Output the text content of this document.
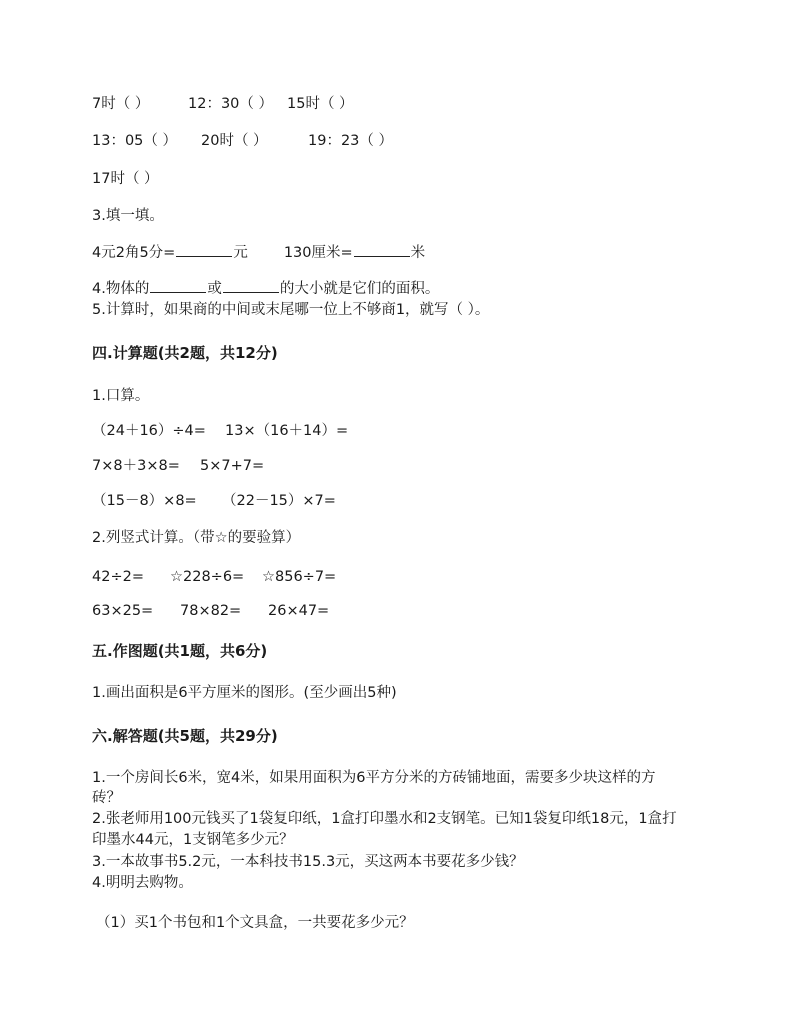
7时（ ）	12：30（ ） 15时（ ）
13：05（ ） 20时（ ）	19：23（ ）
17时（ ）
3.填一填。
4元2角5分=	元 130厘米=	米
4.物体的	或	的大小就是它们的面积。
5.计算时，如果商的中间或末尾哪一位上不够商1，就写（ ）。
四.计算题(共2题，共12分)
1.口算。
（24＋16）÷4= 13×（16＋14）=
7×8＋3×8= 5×7+7=
（15－8）×8= （22－15）×7=
2.列竖式计算。（带☆的要验算）
42÷2= ☆228÷6= ☆856÷7=
63×25= 78×82= 26×47=
五.作图题(共1题，共6分)
1.画出面积是6平方厘米的图形。(至少画出5种)
六.解答题(共5题，共29分)
1.一个房间长6米，宽4米，如果用面积为6平方分米的方砖铺地面，需要多少块这样的方
砖？
2.张老师用100元钱买了1袋复印纸，1盒打印墨水和2支钢笔。已知1袋复印纸18元，1盒打
印墨水44元，1支钢笔多少元？
3.一本故事书5.2元，一本科技书15.3元，买这两本书要花多少钱？
4.明明去购物。
（1）买1个书包和1个文具盒，一共要花多少元？
